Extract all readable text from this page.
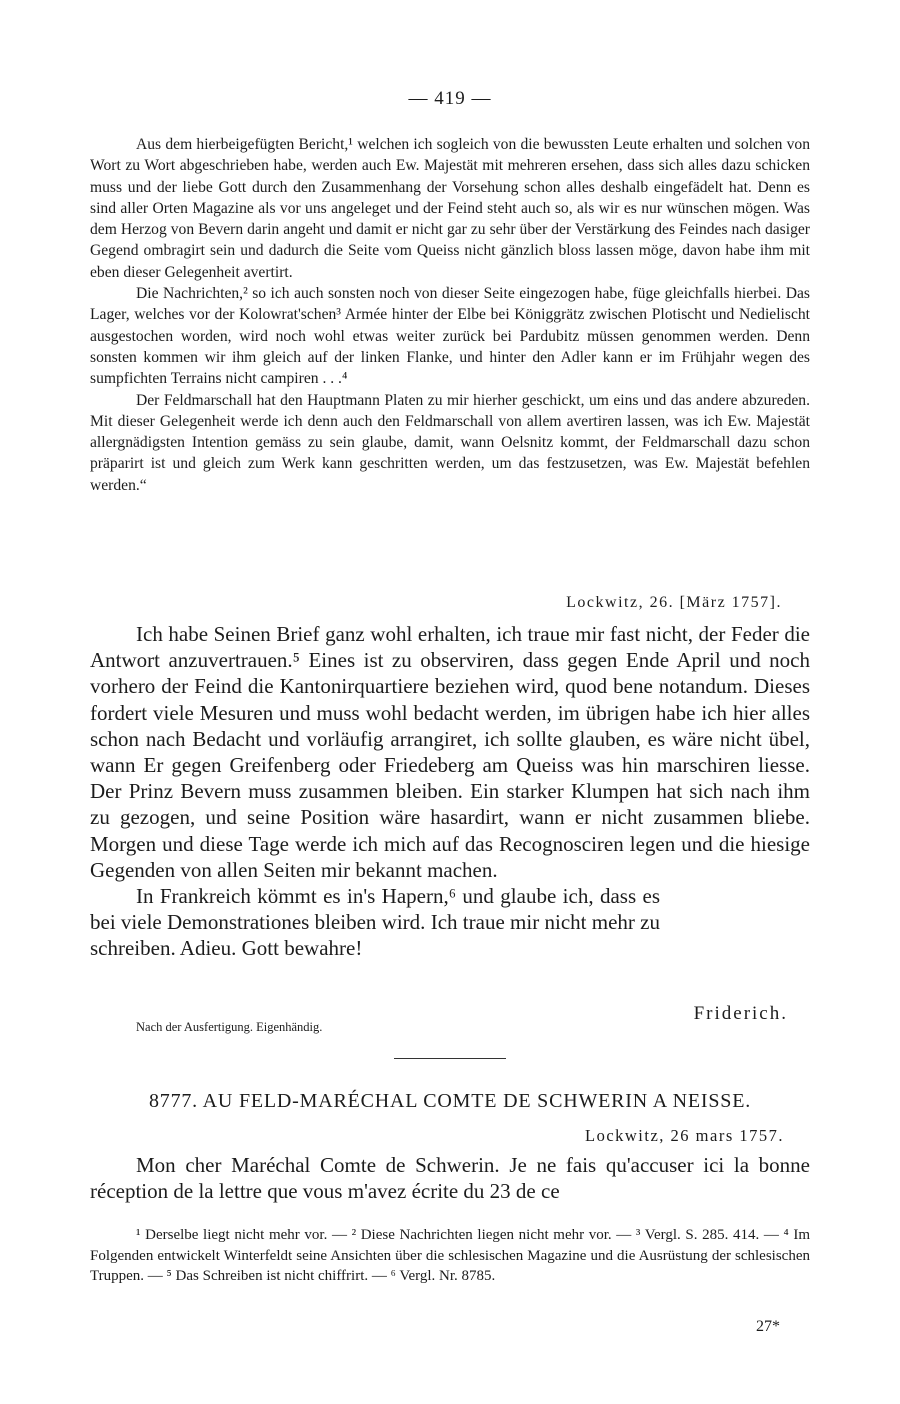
— 419 —

Aus dem hierbeigefügten Bericht,¹ welchen ich sogleich von die bewussten Leute erhalten und solchen von Wort zu Wort abgeschrieben habe, werden auch Ew. Majestät mit mehreren ersehen, dass sich alles dazu schicken muss und der liebe Gott durch den Zusammenhang der Vorsehung schon alles deshalb eingefädelt hat. Denn es sind aller Orten Magazine als vor uns angeleget und der Feind steht auch so, als wir es nur wünschen mögen. Was dem Herzog von Bevern darin angeht und damit er nicht gar zu sehr über der Verstärkung des Feindes nach dasiger Gegend ombragirt sein und dadurch die Seite vom Queiss nicht gänzlich bloss lassen möge, davon habe ihm mit eben dieser Gelegenheit avertirt.

Die Nachrichten,² so ich auch sonsten noch von dieser Seite eingezogen habe, füge gleichfalls hierbei. Das Lager, welches vor der Kolowrat'schen³ Armée hinter der Elbe bei Königgrätz zwischen Plotischt und Nedielischt ausgestochen worden, wird noch wohl etwas weiter zurück bei Pardubitz müssen genommen werden. Denn sonsten kommen wir ihm gleich auf der linken Flanke, und hinter den Adler kann er im Frühjahr wegen des sumpfichten Terrains nicht campiren . . .⁴

Der Feldmarschall hat den Hauptmann Platen zu mir hierher geschickt, um eins und das andere abzureden. Mit dieser Gelegenheit werde ich denn auch den Feldmarschall von allem avertiren lassen, was ich Ew. Majestät allergnädigsten Intention gemäss zu sein glaube, damit, wann Oelsnitz kommt, der Feldmarschall dazu schon präparirt ist und gleich zum Werk kann geschritten werden, um das festzusetzen, was Ew. Majestät befehlen werden.“

Lockwitz, 26. [März 1757].

Ich habe Seinen Brief ganz wohl erhalten, ich traue mir fast nicht, der Feder die Antwort anzuvertrauen.⁵ Eines ist zu observiren, dass gegen Ende April und noch vorhero der Feind die Kantonirquartiere beziehen wird, quod bene notandum. Dieses fordert viele Mesuren und muss wohl bedacht werden, im übrigen habe ich hier alles schon nach Bedacht und vorläufig arrangiret, ich sollte glauben, es wäre nicht übel, wann Er gegen Greifenberg oder Friedeberg am Queiss was hin marschiren liesse. Der Prinz Bevern muss zusammen bleiben. Ein starker Klumpen hat sich nach ihm zu gezogen, und seine Position wäre hasardirt, wann er nicht zusammen bliebe. Morgen und diese Tage werde ich mich auf das Recognosciren legen und die hiesige Gegenden von allen Seiten mir bekannt machen.

In Frankreich kömmt es in's Hapern,⁶ und glaube ich, dass es bei viele Demonstrationes bleiben wird. Ich traue mir nicht mehr zu schreiben. Adieu. Gott bewahre!

Friderich.
Nach der Ausfertigung. Eigenhändig.
8777. AU FELD-MARÉCHAL COMTE DE SCHWERIN A NEISSE.
Lockwitz, 26 mars 1757.

Mon cher Maréchal Comte de Schwerin. Je ne fais qu'accuser ici la bonne réception de la lettre que vous m'avez écrite du 23 de ce

¹ Derselbe liegt nicht mehr vor. — ² Diese Nachrichten liegen nicht mehr vor. — ³ Vergl. S. 285. 414. — ⁴ Im Folgenden entwickelt Winterfeldt seine Ansichten über die schlesischen Magazine und die Ausrüstung der schlesischen Truppen. — ⁵ Das Schreiben ist nicht chiffrirt. — ⁶ Vergl. Nr. 8785.

27*
